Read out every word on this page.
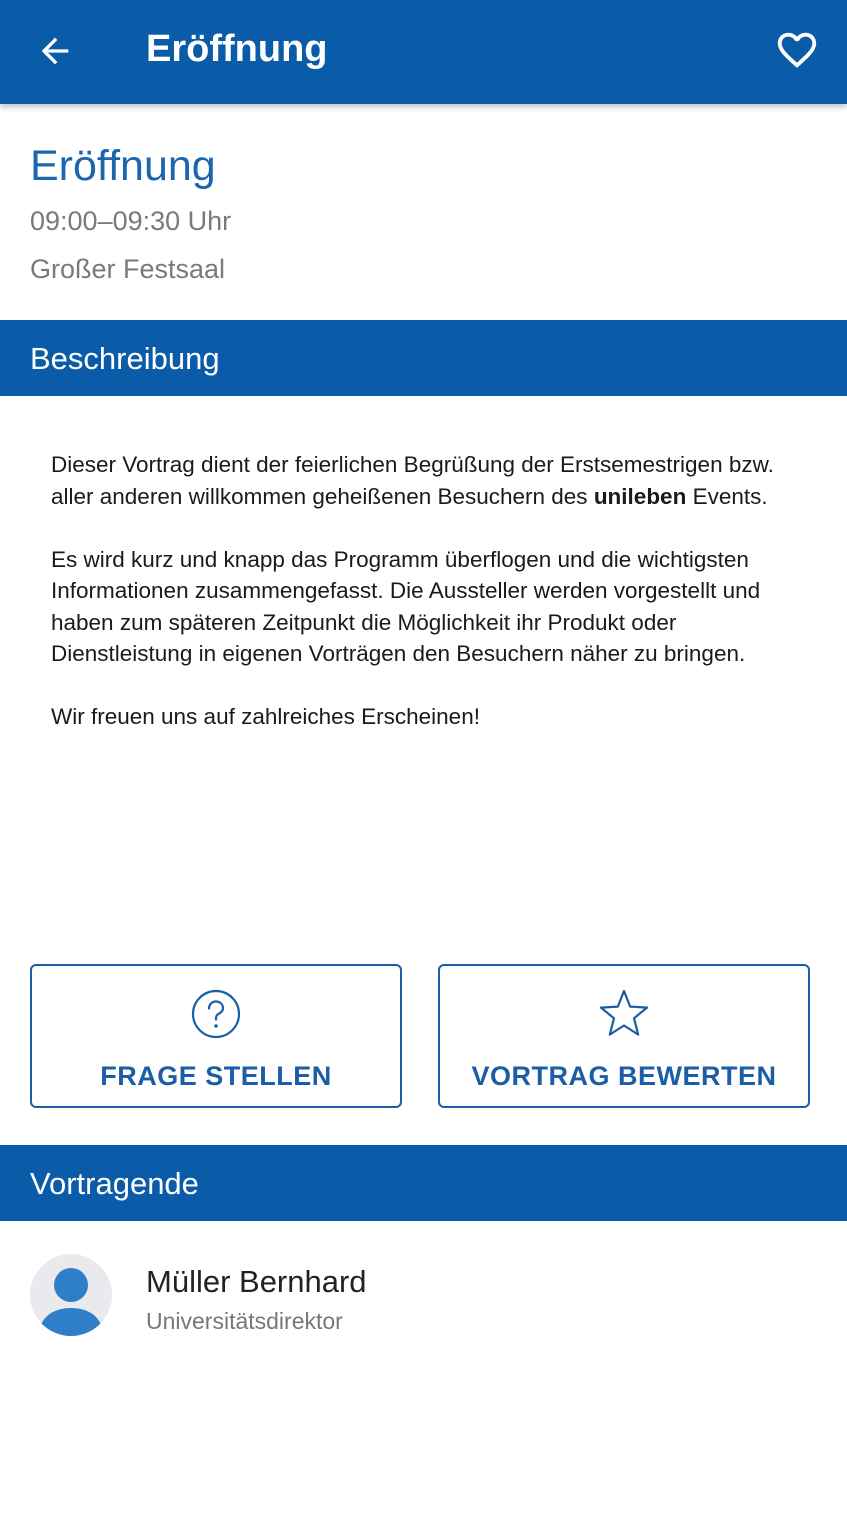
Eröffnung
Eröffnung
09:00–09:30 Uhr
Großer Festsaal
Beschreibung

Dieser Vortrag dient der feierlichen Begrüßung der Erstsemestrigen bzw. aller anderen willkommen geheißenen Besuchern des unileben Events.

Es wird kurz und knapp das Programm überflogen und die wichtigsten Informationen zusammengefasst. Die Aussteller werden vorgestellt und haben zum späteren Zeitpunkt die Möglichkeit ihr Produkt oder Dienstleistung in eigenen Vorträgen den Besuchern näher zu bringen.

Wir freuen uns auf zahlreiches Erscheinen!

FRAGE STELLEN	VORTRAG BEWERTEN
Vortragende
Müller Bernhard
Universitätsdirektor
